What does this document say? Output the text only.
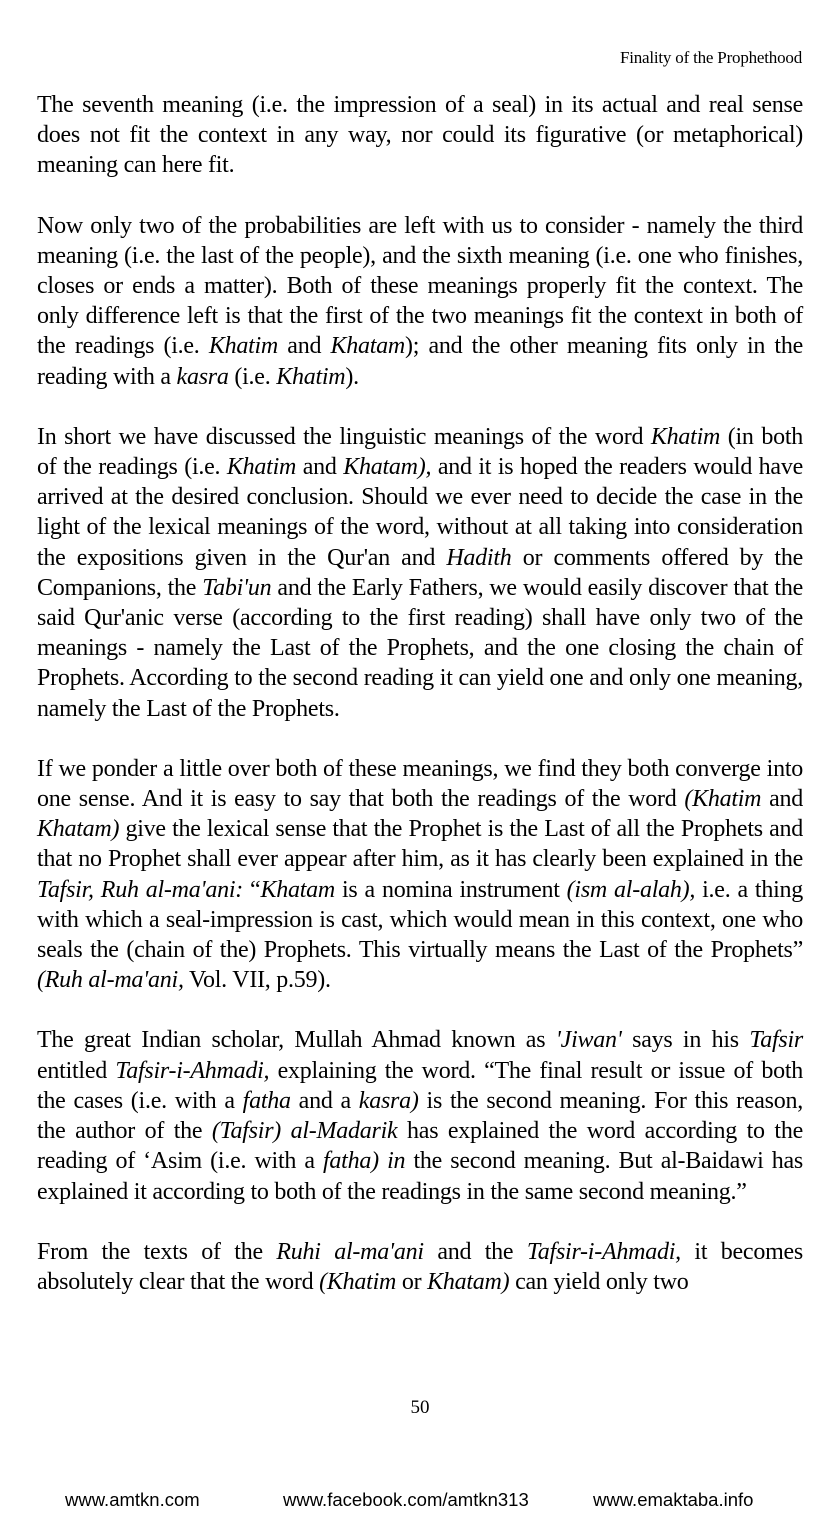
Finality of the Prophethood

The seventh meaning (i.e. the impression of a seal) in its actual and real sense does not fit the context in any way, nor could its figurative (or metaphorical) meaning can here fit.

Now only two of the probabilities are left with us to consider - namely the third meaning (i.e. the last of the people), and the sixth meaning (i.e. one who finishes, closes or ends a matter). Both of these meanings properly fit the context. The only difference left is that the first of the two meanings fit the context in both of the readings (i.e. Khatim and Khatam); and the other meaning fits only in the reading with a kasra (i.e. Khatim).

In short we have discussed the linguistic meanings of the word Khatim (in both of the readings (i.e. Khatim and Khatam), and it is hoped the readers would have arrived at the desired conclusion. Should we ever need to decide the case in the light of the lexical meanings of the word, without at all taking into consideration the expositions given in the Qur'an and Hadith or comments offered by the Companions, the Tabi'un and the Early Fathers, we would easily discover that the said Qur'anic verse (according to the first reading) shall have only two of the meanings - namely the Last of the Prophets, and the one closing the chain of Prophets. According to the second reading it can yield one and only one meaning, namely the Last of the Prophets.

If we ponder a little over both of these meanings, we find they both converge into one sense. And it is easy to say that both the readings of the word (Khatim and Khatam) give the lexical sense that the Prophet is the Last of all the Prophets and that no Prophet shall ever appear after him, as it has clearly been explained in the Tafsir, Ruh al-ma'ani: “Khatam is a nomina instrument (ism al-alah), i.e. a thing with which a seal-impression is cast, which would mean in this context, one who seals the (chain of the) Prophets. This virtually means the Last of the Prophets” (Ruh al-ma'ani, Vol. VII, p.59).

The great Indian scholar, Mullah Ahmad known as 'Jiwan' says in his Tafsir entitled Tafsir-i-Ahmadi, explaining the word. “The final result or issue of both the cases (i.e. with a fatha and a kasra) is the second meaning. For this reason, the author of the (Tafsir) al-Madarik has explained the word according to the reading of ‘Asim (i.e. with a fatha) in the second meaning. But al-Baidawi has explained it according to both of the readings in the same second meaning.”

From the texts of the Ruhi al-ma'ani and the Tafsir-i-Ahmadi, it becomes absolutely clear that the word (Khatim or Khatam) can yield only two

50
www.amtkn.com	www.facebook.com/amtkn313	www.emaktaba.info
